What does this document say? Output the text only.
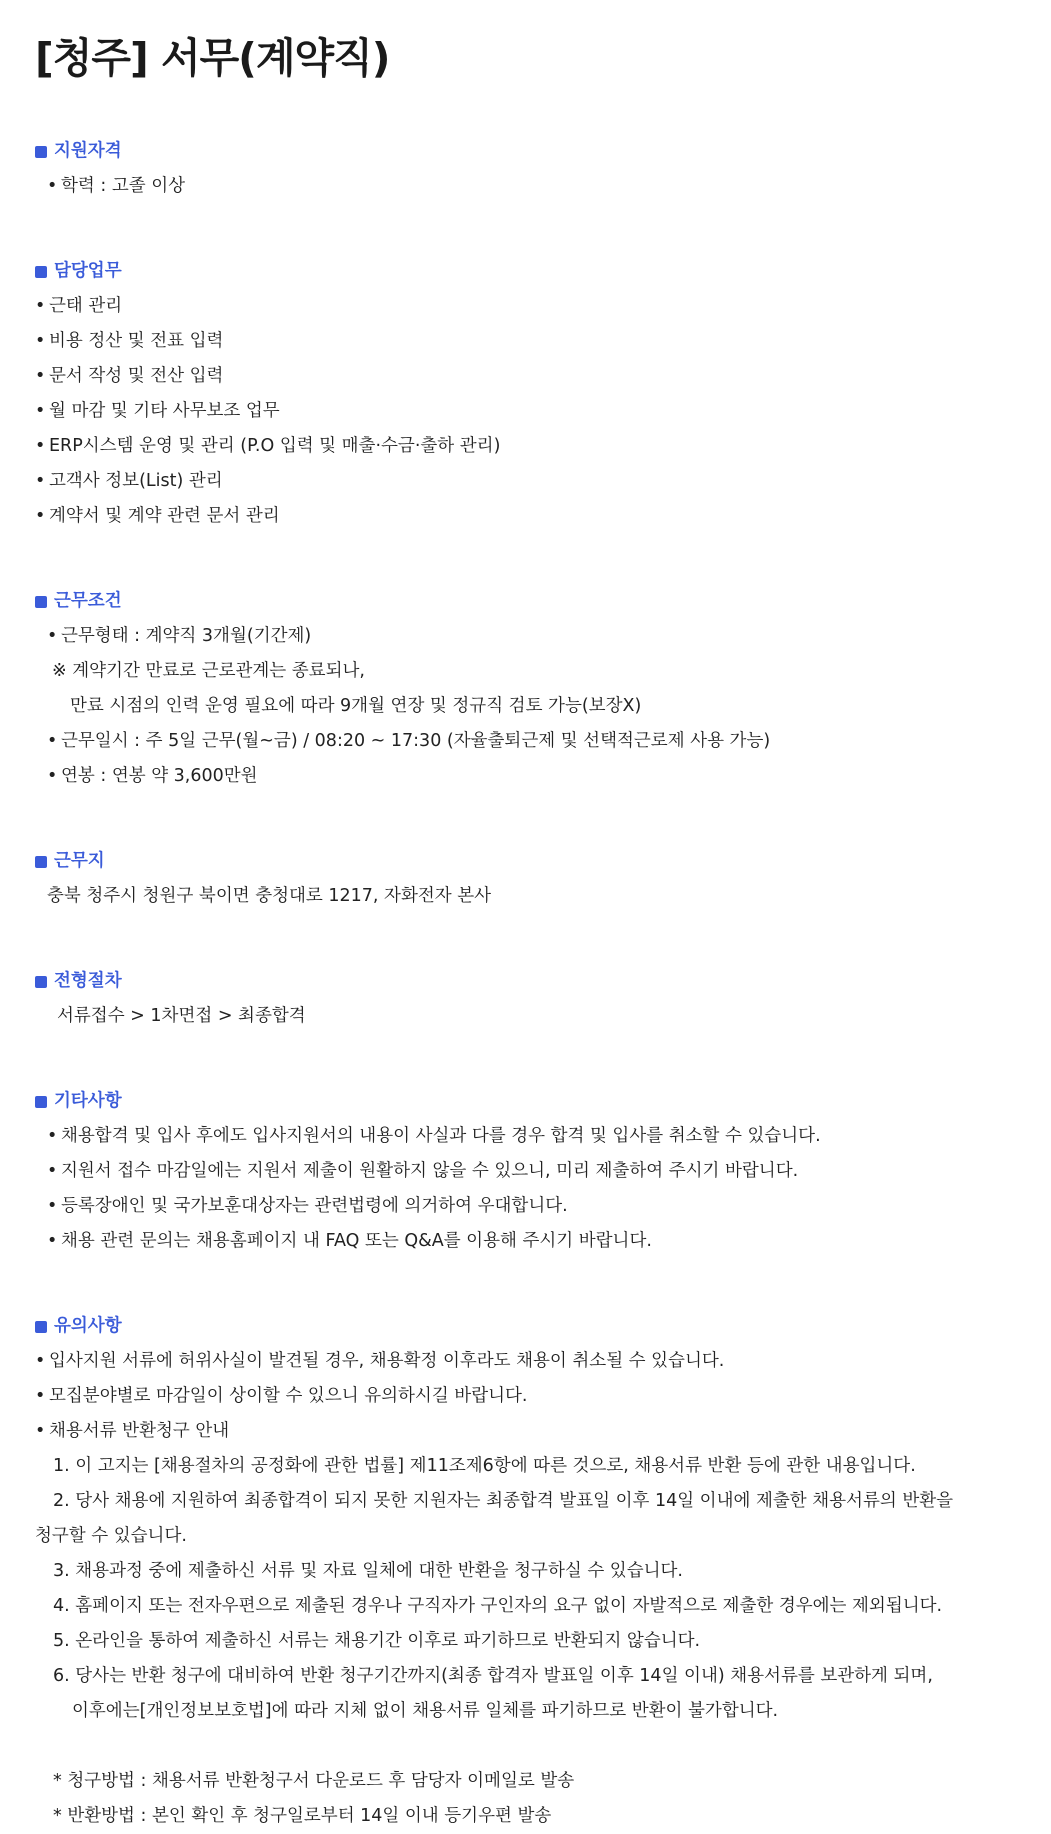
[청주] 서무(계약직)
지원자격
• 학력 : 고졸 이상
담당업무
• 근태 관리
• 비용 정산 및 전표 입력
• 문서 작성 및 전산 입력
• 월 마감 및 기타 사무보조 업무
• ERP시스템 운영 및 관리 (P.O 입력 및 매출·수금·출하 관리)
• 고객사 정보(List) 관리
• 계약서 및 계약 관련 문서 관리
근무조건
• 근무형태 : 계약직 3개월(기간제)
※ 계약기간 만료로 근로관계는 종료되나,
만료 시점의 인력 운영 필요에 따라 9개월 연장 및 정규직 검토 가능(보장X)
• 근무일시 : 주 5일 근무(월~금) / 08:20 ~ 17:30 (자율출퇴근제 및 선택적근로제 사용 가능)
• 연봉 : 연봉 약 3,600만원
근무지
충북 청주시 청원구 북이면 충청대로 1217, 자화전자 본사
전형절차
서류접수 > 1차면접 > 최종합격
기타사항
• 채용합격 및 입사 후에도 입사지원서의 내용이 사실과 다를 경우 합격 및 입사를 취소할 수 있습니다.
• 지원서 접수 마감일에는 지원서 제출이 원활하지 않을 수 있으니, 미리 제출하여 주시기 바랍니다.
• 등록장애인 및 국가보훈대상자는 관련법령에 의거하여 우대합니다.
• 채용 관련 문의는 채용홈페이지 내 FAQ 또는 Q&A를 이용해 주시기 바랍니다.
유의사항
• 입사지원 서류에 허위사실이 발견될 경우, 채용확정 이후라도 채용이 취소될 수 있습니다.
• 모집분야별로 마감일이 상이할 수 있으니 유의하시길 바랍니다.
• 채용서류 반환청구 안내
1. 이 고지는 [채용절차의 공정화에 관한 법률] 제11조제6항에 따른 것으로, 채용서류 반환 등에 관한 내용입니다.
2. 당사 채용에 지원하여 최종합격이 되지 못한 지원자는 최종합격 발표일 이후 14일 이내에 제출한 채용서류의 반환을
청구할 수 있습니다.
3. 채용과정 중에 제출하신 서류 및 자료 일체에 대한 반환을 청구하실 수 있습니다.
4. 홈페이지 또는 전자우편으로 제출된 경우나 구직자가 구인자의 요구 없이 자발적으로 제출한 경우에는 제외됩니다.
5. 온라인을 통하여 제출하신 서류는 채용기간 이후로 파기하므로 반환되지 않습니다.
6. 당사는 반환 청구에 대비하여 반환 청구기간까지(최종 합격자 발표일 이후 14일 이내) 채용서류를 보관하게 되며,
이후에는[개인정보보호법]에 따라 지체 없이 채용서류 일체를 파기하므로 반환이 불가합니다.
* 청구방법 : 채용서류 반환청구서 다운로드 후 담당자 이메일로 발송
* 반환방법 : 본인 확인 후 청구일로부터 14일 이내 등기우편 발송
